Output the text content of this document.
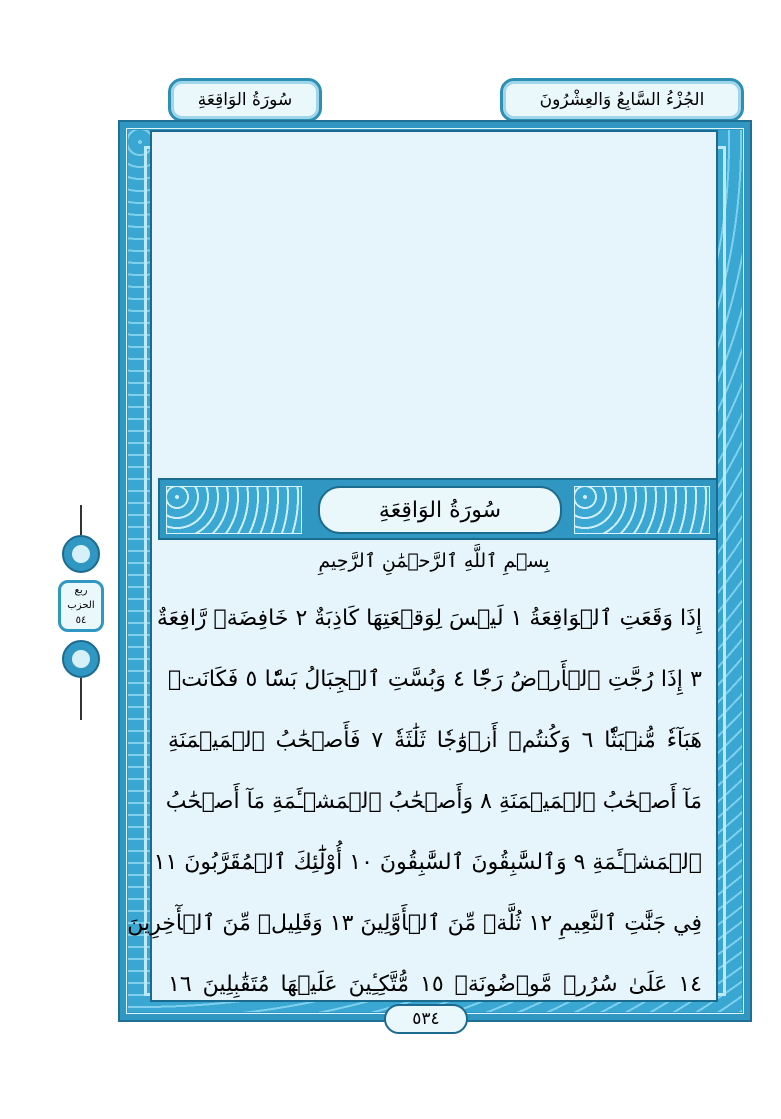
الجُزْءُ السَّابِعُ وَالعِشْرُونَ
سُورَةُ الوَاقِعَةِ
سُورَةُ الوَاقِعَةِ
بِسۡمِ ٱللَّهِ ٱلرَّحۡمَٰنِ ٱلرَّحِيمِ
إِذَا وَقَعَتِ ٱلۡوَاقِعَةُ ١ لَيۡسَ لِوَقۡعَتِهَا كَاذِبَةٌ ٢ خَافِضَةٞ رَّافِعَةٌ
٣ إِذَا رُجَّتِ ٱلۡأَرۡضُ رَجّٗا ٤ وَبُسَّتِ ٱلۡجِبَالُ بَسّٗا ٥ فَكَانَتۡ
هَبَآءٗ مُّنۢبَثّٗا ٦ وَكُنتُمۡ أَزۡوَٰجٗا ثَلَٰثَةٗ ٧ فَأَصۡحَٰبُ ٱلۡمَيۡمَنَةِ
مَآ أَصۡحَٰبُ ٱلۡمَيۡمَنَةِ ٨ وَأَصۡحَٰبُ ٱلۡمَشۡـَٔمَةِ مَآ أَصۡحَٰبُ
ٱلۡمَشۡـَٔمَةِ ٩ وَٱلسَّٰبِقُونَ ٱلسَّٰبِقُونَ ١٠ أُوْلَٰٓئِكَ ٱلۡمُقَرَّبُونَ ١١
فِي جَنَّٰتِ ٱلنَّعِيمِ ١٢ ثُلَّةٞ مِّنَ ٱلۡأَوَّلِينَ ١٣ وَقَلِيلٞ مِّنَ ٱلۡأٓخِرِينَ
١٤ عَلَىٰ سُرُرٖ مَّوۡضُونَةٖ ١٥ مُّتَّكِـِٔينَ عَلَيۡهَا مُتَقَٰبِلِينَ ١٦
٥٣٤
ربع
الحزب
٥٤
